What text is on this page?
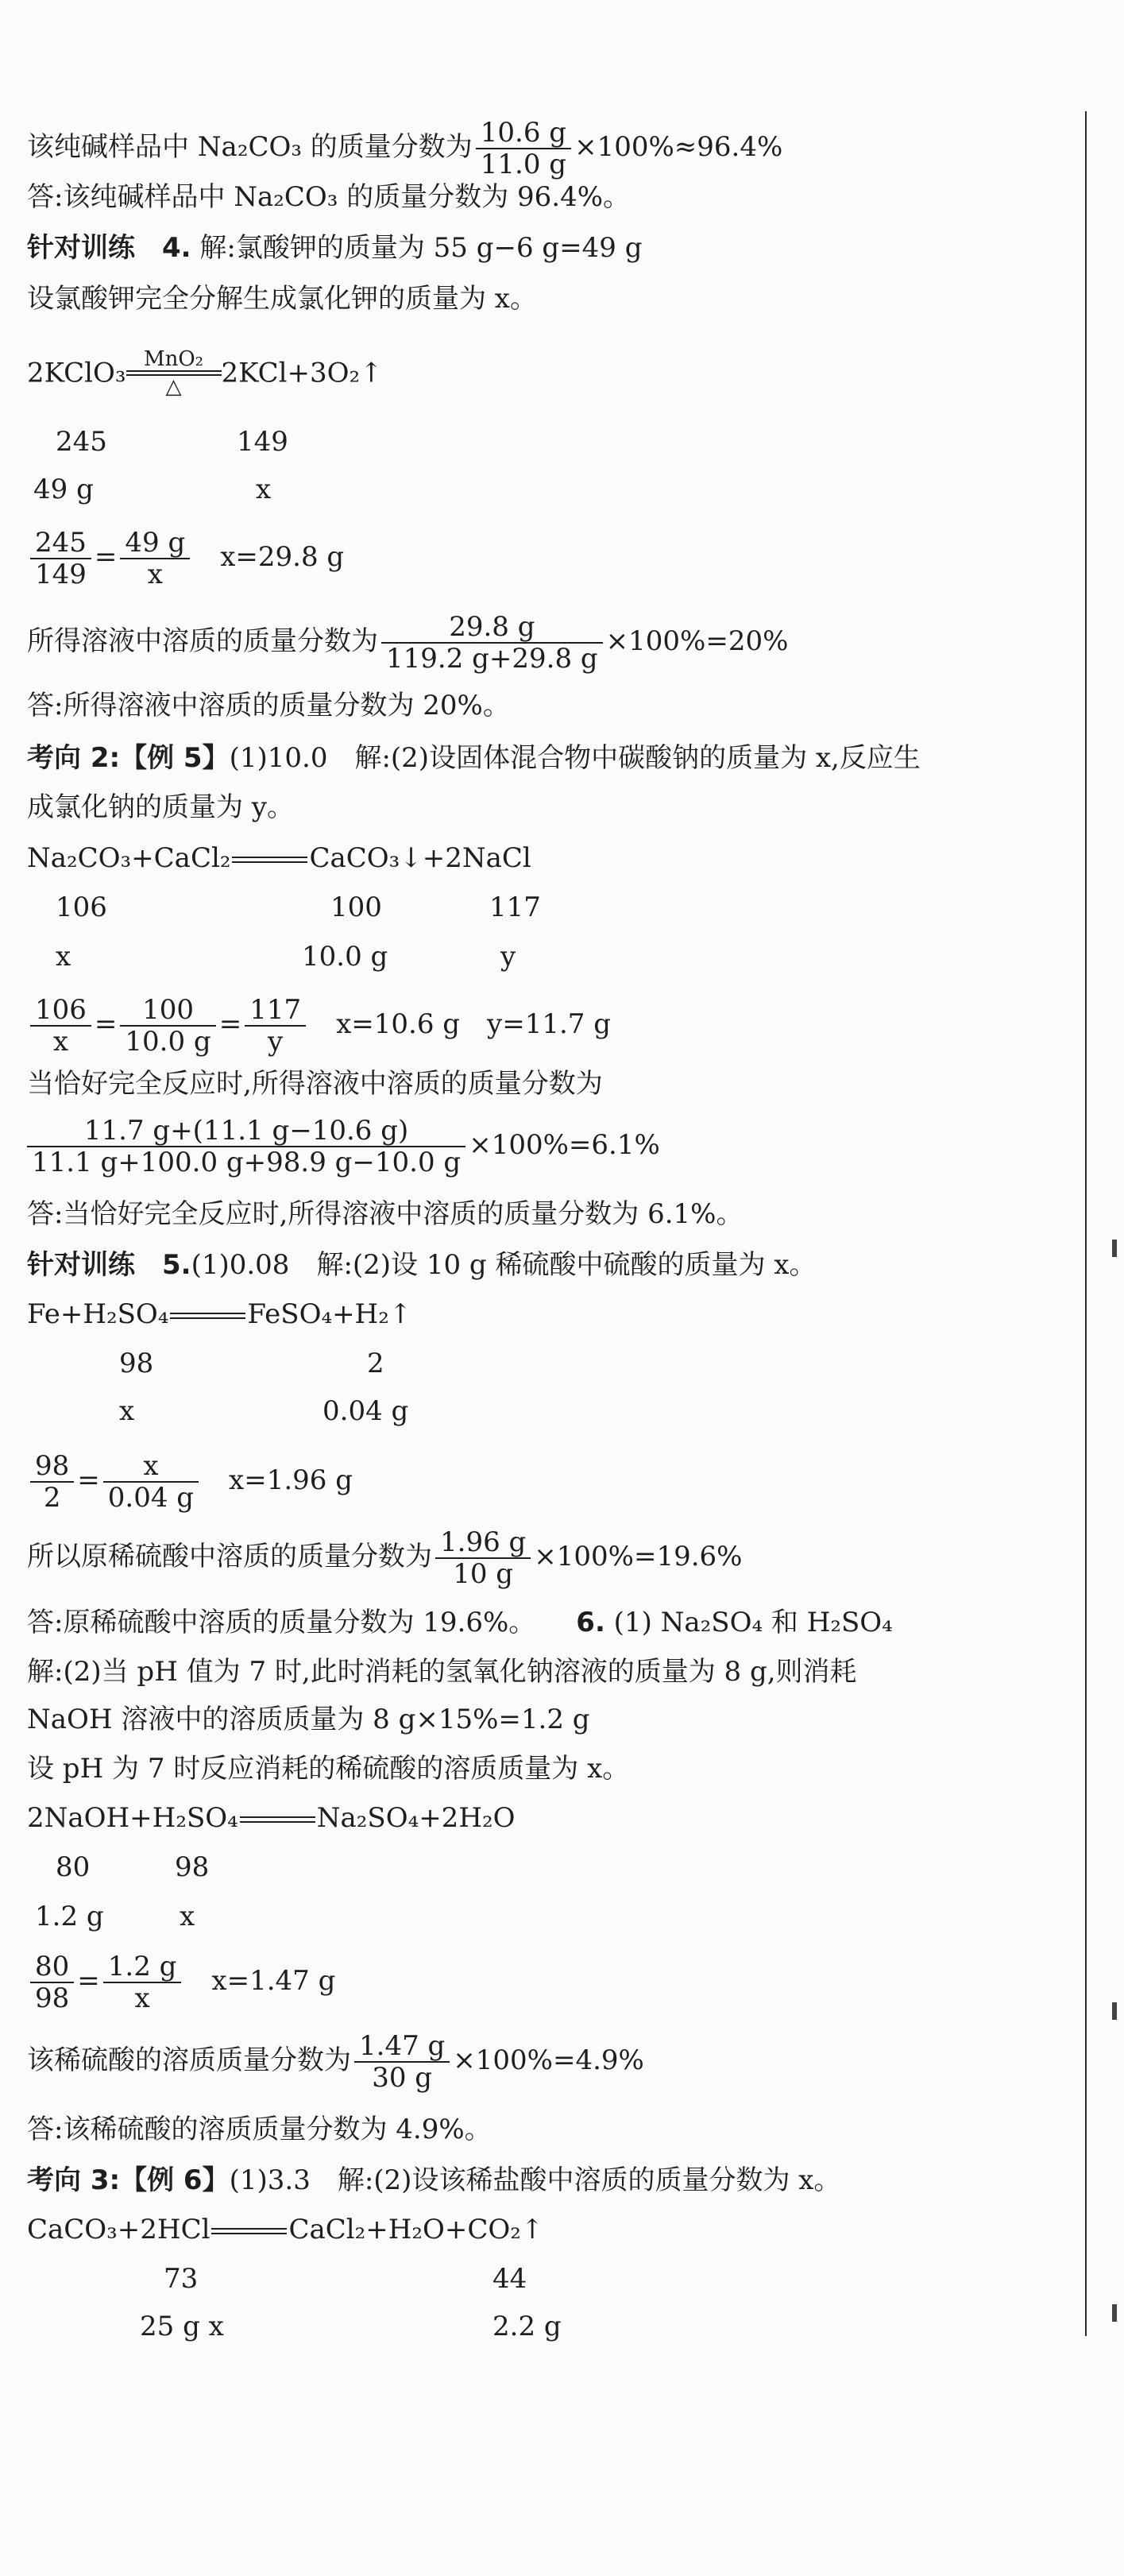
该纯碱样品中 Na₂CO₃ 的质量分数为 $\frac{10.6 g}{11.0 g} \times 100\%\approx 96.4\%$
答:该纯碱样品中 Na₂CO₃ 的质量分数为 96.4%。
针对训练　 4. 解:氯酸钾的质量为 55 g−6 g=49 g
设氯酸钾完全分解生成氯化钾的质量为 x。
2KClO₃ MnO₂
△	2KCl+3O₂↑
245	149
49 g	x
$\frac{245}{149} = \frac{49 g}{x}$
　 x=29.8 g
所得溶液中溶质的质量分数为 $\frac{29.8 g}{119.2 g+29.8 g} \times 100\%=20\%$
答:所得溶液中溶质的质量分数为 20%。
考向 2:【例 5】(1)10.0　解:(2)设固体混合物中碳酸钠的质量为 x,反应生
成氯化钠的质量为 y。
Na₂CO₃+CaCl₂	CaCO₃↓+2NaCl
106	100	117
x	10.0 g	y
$\frac{106}{x} = \frac{100}{10.0 g} = \frac{117}{y}$
　 x=10.6 g　y=11.7 g
当恰好完全反应时,所得溶液中溶质的质量分数为
$\frac{11.7 g+(11.1 g-10.6 g)}{11.1 g+100.0 g+98.9 g-10.0 g} \times 100\%=6.1\%$
答:当恰好完全反应时,所得溶液中溶质的质量分数为 6.1%。
针对训练　 5.(1)0.08　解:(2)设 10 g 稀硫酸中硫酸的质量为 x。
Fe+H₂SO₄	FeSO₄+H₂↑
98	2
x	0.04 g
$\frac{98}{2} = \frac{x}{0.04 g}$
　 x=1.96 g
所以原稀硫酸中溶质的质量分数为 $\frac{1.96 g}{10 g} \times 100\%=19.6\%$
答:原稀硫酸中溶质的质量分数为 19.6%。　　 6. (1) Na₂SO₄ 和 H₂SO₄
解:(2)当 pH 值为 7 时,此时消耗的氢氧化钠溶液的质量为 8 g,则消耗
NaOH 溶液中的溶质质量为 8 g×15%=1.2 g
设 pH 为 7 时反应消耗的稀硫酸的溶质质量为 x。
2NaOH+H₂SO₄	Na₂SO₄+2H₂O
80	98
1.2 g	x
$\frac{80}{98} = \frac{1.2 g}{x}$
　 x=1.47 g
该稀硫酸的溶质质量分数为 $\frac{1.47 g}{30 g} \times 100\%=4.9\%$
答:该稀硫酸的溶质质量分数为 4.9%。
考向 3:【例 6】(1)3.3　解:(2)设该稀盐酸中溶质的质量分数为 x。
CaCO₃+2HCl	CaCl₂+H₂O+CO₂↑
73	44
25 g x	2.2 g
